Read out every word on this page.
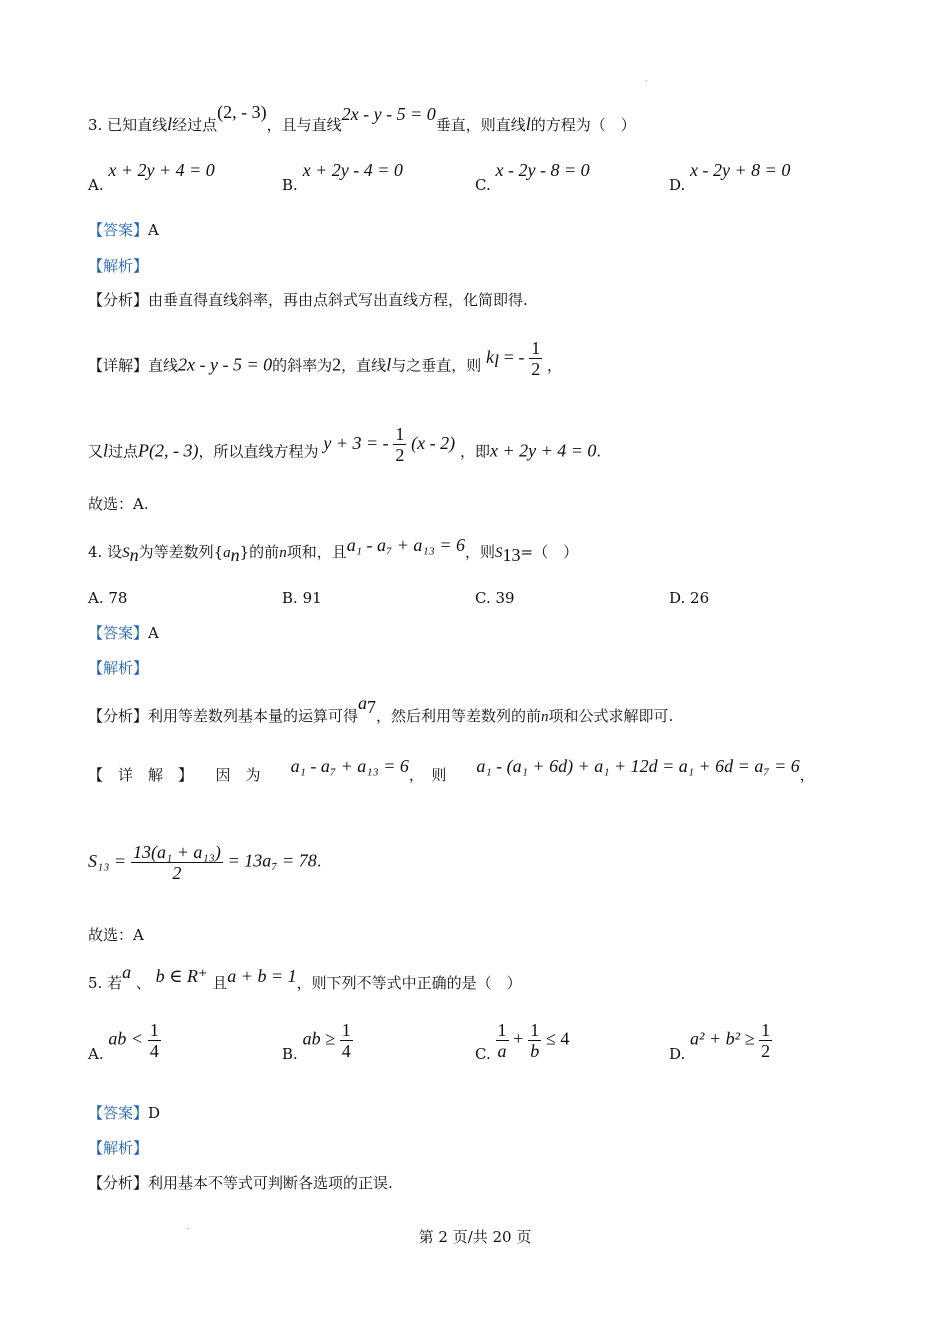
3. 已知直线l经过点(2, - 3)，且与直线2x - y - 5 = 0垂直，则直线l的方程为（　）
A. x + 2y + 4 = 0
B. x + 2y - 4 = 0
C. x - 2y - 8 = 0
D. x - 2y + 8 = 0
【答案】A
【解析】
【分析】由垂直得直线斜率，再由点斜式写出直线方程，化简即得.
【详解】直线2x - y - 5 = 0的斜率为2，直线l与之垂直，则 $k_l$ = - $\frac{1}{2}$ ，
又l过点P(2, - 3)，所以直线方程为 y + 3 = - $\frac{1}{2} (x - 2)$ ，即x + 2y + 4 = 0.
故选：A.
4. 设$S_n$为等差数列$\{a_n\}$的前n项和，且a₁ - a₇ + a₁₃ = 6，则$S_{13}=$（　）
A. 78	B. 91	C. 39	D. 26
【答案】A
【解析】
【分析】利用等差数列基本量的运算可得$a_7$，然后利用等差数列的前n项和公式求解即可.
【　详　解　】　　 因　为　　 a₁ - a₇ + a₁₃ = 6，　则　　 a₁ - (a₁ + 6d) + a₁ + 12d = a₁ + 6d = a₇ = 6，
$S_{13} = \frac{\text{13(a₁ + a₁₃)}}{2} = 13a_7 = 78$.
故选：A
5. 若a 、 b ∈ R⁺ 且a + b = 1，则下列不等式中正确的是（　）
A. ab < $\frac{1}{4}$	B. ab ≥ $\frac{1}{4}$	C. $\frac{1}{a} + \frac{1}{b} \le 4$
D. $a^2 + b^2 \ge \frac{1}{2}$
【答案】D
【解析】
【分析】利用基本不等式可判断各选项的正误.
第 2 页/共 20 页
